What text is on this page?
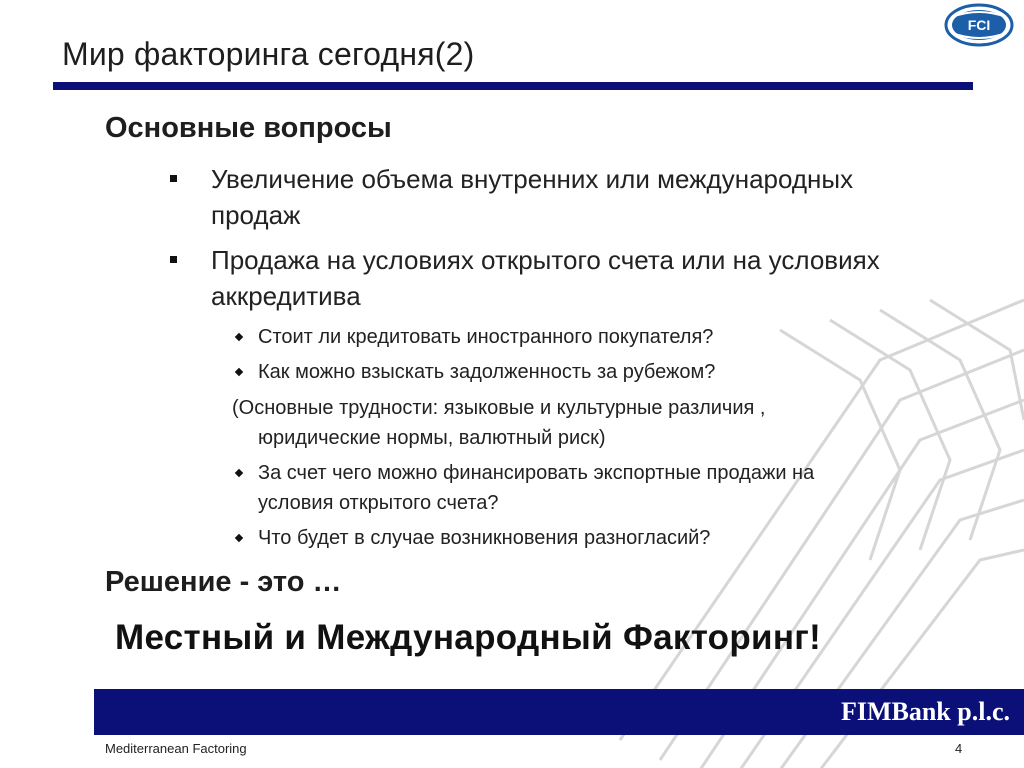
FCI
Мир факторинга сегодня(2)
Основные вопросы
Увеличение объема внутренних или международных
продаж
Продажа на условиях открытого счета или на условиях
аккредитива
Стоит ли кредитовать иностранного покупателя?
Как можно взыскать задолженность за рубежом?
(Основные трудности: языковые и культурные различия ,
юридические нормы, валютный риск)
За счет чего можно финансировать экспортные продажи на
условия открытого счета?
Что будет в случае возникновения разногласий?
Решение - это …
Местный и Международный Факторинг!
FIMBank p.l.c.
Mediterranean Factoring	4
